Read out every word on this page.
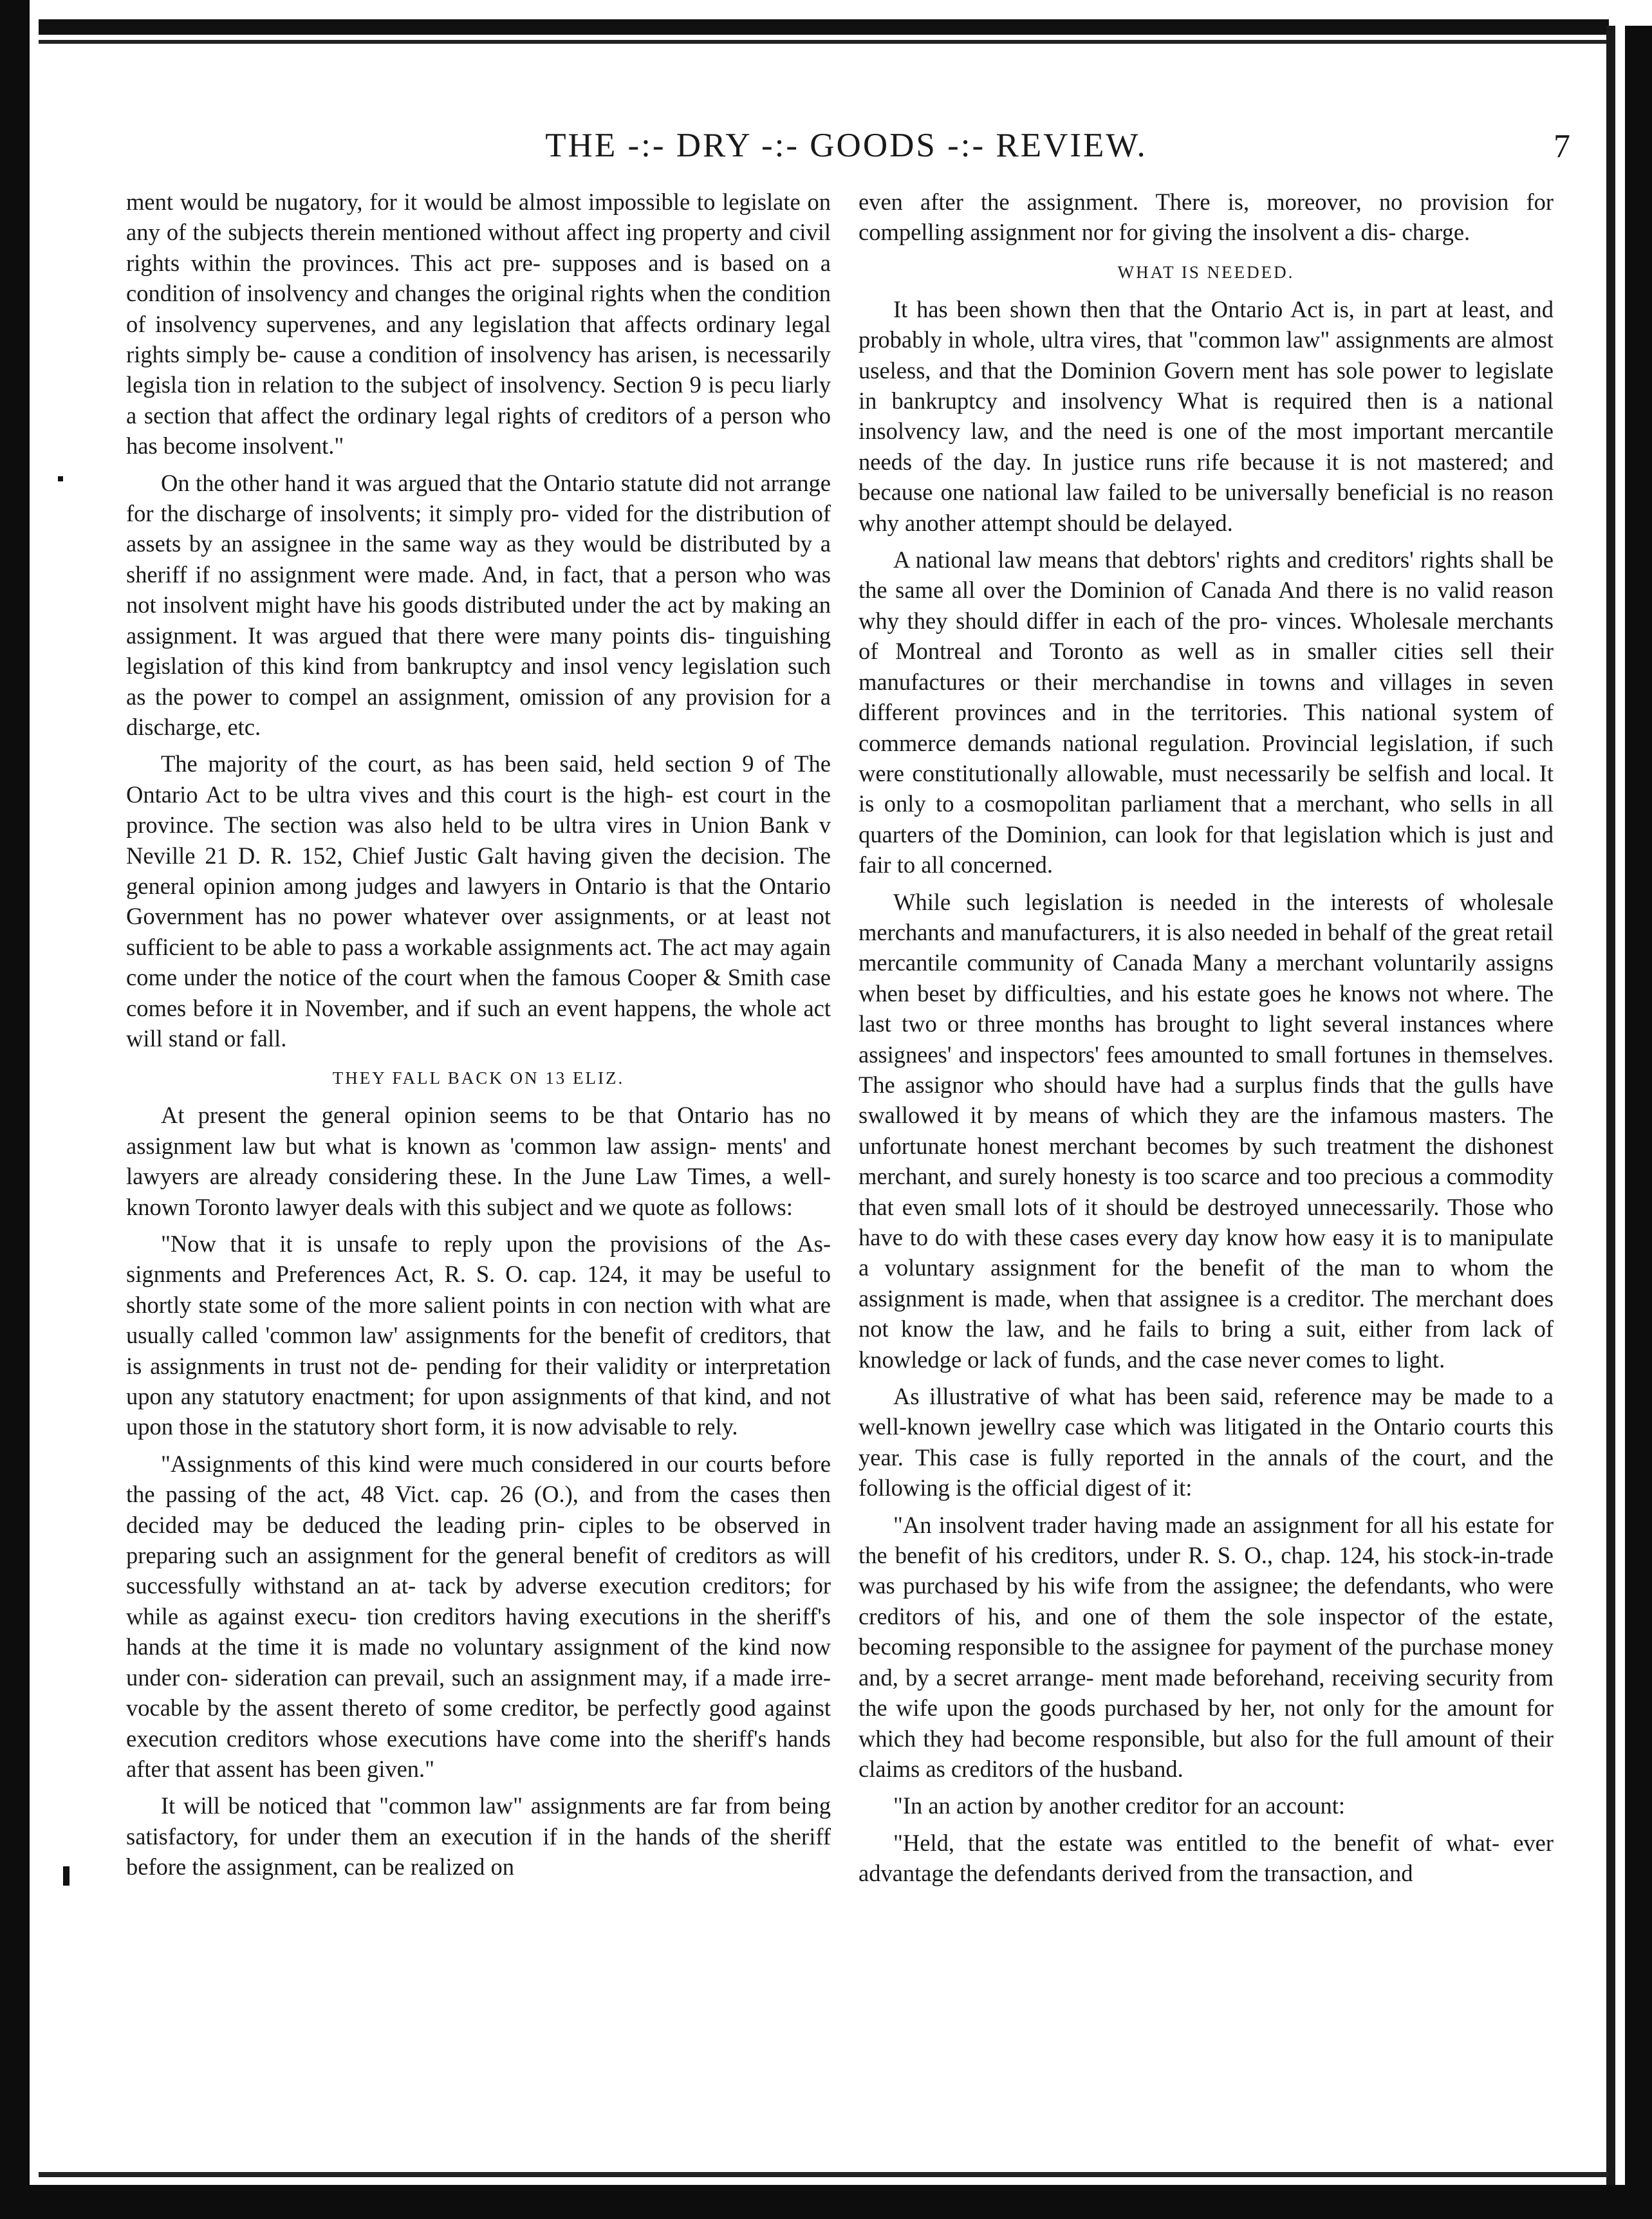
THE -:- DRY -:- GOODS -:- REVIEW.	7

ment would be nugatory, for it would be almost impossible to legislate on any of the subjects therein mentioned without affect ing property and civil rights within the provinces. This act pre- supposes and is based on a condition of insolvency and changes the original rights when the condition of insolvency supervenes, and any legislation that affects ordinary legal rights simply be- cause a condition of insolvency has arisen, is necessarily legisla tion in relation to the subject of insolvency. Section 9 is pecu liarly a section that affect the ordinary legal rights of creditors of a person who has become insolvent."

On the other hand it was argued that the Ontario statute did not arrange for the discharge of insolvents; it simply pro- vided for the distribution of assets by an assignee in the same way as they would be distributed by a sheriff if no assignment were made. And, in fact, that a person who was not insolvent might have his goods distributed under the act by making an assignment. It was argued that there were many points dis- tinguishing legislation of this kind from bankruptcy and insol vency legislation such as the power to compel an assignment, omission of any provision for a discharge, etc.

The majority of the court, as has been said, held section 9 of The Ontario Act to be ultra vives and this court is the high- est court in the province. The section was also held to be ultra vires in Union Bank v Neville 21 D. R. 152, Chief Justic Galt having given the decision. The general opinion among judges and lawyers in Ontario is that the Ontario Government has no power whatever over assignments, or at least not sufficient to be able to pass a workable assignments act. The act may again come under the notice of the court when the famous Cooper & Smith case comes before it in November, and if such an event happens, the whole act will stand or fall.

THEY FALL BACK ON 13 ELIZ.

At present the general opinion seems to be that Ontario has no assignment law but what is known as 'common law assign- ments' and lawyers are already considering these. In the June Law Times, a well-known Toronto lawyer deals with this subject and we quote as follows:

"Now that it is unsafe to reply upon the provisions of the As- signments and Preferences Act, R. S. O. cap. 124, it may be useful to shortly state some of the more salient points in con nection with what are usually called 'common law' assignments for the benefit of creditors, that is assignments in trust not de- pending for their validity or interpretation upon any statutory enactment; for upon assignments of that kind, and not upon those in the statutory short form, it is now advisable to rely.

"Assignments of this kind were much considered in our courts before the passing of the act, 48 Vict. cap. 26 (O.), and from the cases then decided may be deduced the leading prin- ciples to be observed in preparing such an assignment for the general benefit of creditors as will successfully withstand an at- tack by adverse execution creditors; for while as against execu- tion creditors having executions in the sheriff's hands at the time it is made no voluntary assignment of the kind now under con- sideration can prevail, such an assignment may, if a made irre- vocable by the assent thereto of some creditor, be perfectly good against execution creditors whose executions have come into the sheriff's hands after that assent has been given."

It will be noticed that "common law" assignments are far from being satisfactory, for under them an execution if in the hands of the sheriff before the assignment, can be realized on

even after the assignment. There is, moreover, no provision for compelling assignment nor for giving the insolvent a dis- charge.

WHAT IS NEEDED.

It has been shown then that the Ontario Act is, in part at least, and probably in whole, ultra vires, that "common law" assignments are almost useless, and that the Dominion Govern ment has sole power to legislate in bankruptcy and insolvency What is required then is a national insolvency law, and the need is one of the most important mercantile needs of the day. In justice runs rife because it is not mastered; and because one national law failed to be universally beneficial is no reason why another attempt should be delayed.

A national law means that debtors' rights and creditors' rights shall be the same all over the Dominion of Canada And there is no valid reason why they should differ in each of the pro- vinces. Wholesale merchants of Montreal and Toronto as well as in smaller cities sell their manufactures or their merchandise in towns and villages in seven different provinces and in the territories. This national system of commerce demands national regulation. Provincial legislation, if such were constitutionally allowable, must necessarily be selfish and local. It is only to a cosmopolitan parliament that a merchant, who sells in all quarters of the Dominion, can look for that legislation which is just and fair to all concerned.

While such legislation is needed in the interests of wholesale merchants and manufacturers, it is also needed in behalf of the great retail mercantile community of Canada Many a merchant voluntarily assigns when beset by difficulties, and his estate goes he knows not where. The last two or three months has brought to light several instances where assignees' and inspectors' fees amounted to small fortunes in themselves. The assignor who should have had a surplus finds that the gulls have swallowed it by means of which they are the infamous masters. The unfortunate honest merchant becomes by such treatment the dishonest merchant, and surely honesty is too scarce and too precious a commodity that even small lots of it should be destroyed unnecessarily. Those who have to do with these cases every day know how easy it is to manipulate a voluntary assignment for the benefit of the man to whom the assignment is made, when that assignee is a creditor. The merchant does not know the law, and he fails to bring a suit, either from lack of knowledge or lack of funds, and the case never comes to light.

As illustrative of what has been said, reference may be made to a well-known jewellry case which was litigated in the Ontario courts this year. This case is fully reported in the annals of the court, and the following is the official digest of it:

"An insolvent trader having made an assignment for all his estate for the benefit of his creditors, under R. S. O., chap. 124, his stock-in-trade was purchased by his wife from the assignee; the defendants, who were creditors of his, and one of them the sole inspector of the estate, becoming responsible to the assignee for payment of the purchase money and, by a secret arrange- ment made beforehand, receiving security from the wife upon the goods purchased by her, not only for the amount for which they had become responsible, but also for the full amount of their claims as creditors of the husband.

"In an action by another creditor for an account:

"Held, that the estate was entitled to the benefit of what- ever advantage the defendants derived from the transaction, and
